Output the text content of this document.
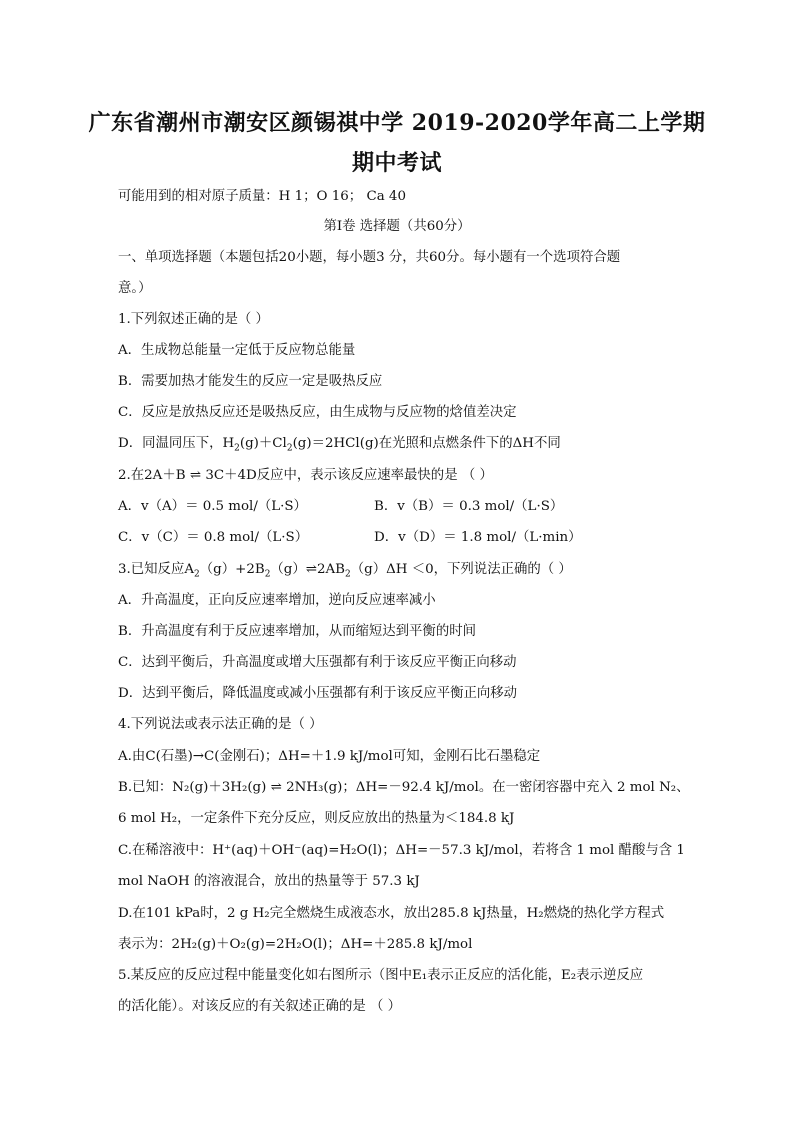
广东省潮州市潮安区颜锡祺中学 2019-2020学年高二上学期
期中考试
可能用到的相对原子质量：H 1；O 16； Ca 40
第Ⅰ卷 选择题（共60分）
一、单项选择题（本题包括20小题，每小题3 分，共60分。每小题有一个选项符合题
意。）
1.下列叙述正确的是（ ）
A．生成物总能量一定低于反应物总能量
B．需要加热才能发生的反应一定是吸热反应
C．反应是放热反应还是吸热反应，由生成物与反应物的焓值差决定
D．同温同压下，$H_2(g)+Cl_2(g)=2HCl(g)$在光照和点燃条件下的ΔH不同
2.在2A＋B ⇌ 3C＋4D反应中，表示该反应速率最快的是 （ ）
A．v（A）＝ 0.5 mol/（L·S）	B．v（B）＝ 0.3 mol/（L·S）
C．v（C）＝ 0.8 mol/（L·S）	D．v（D）＝ 1.8 mol/（L·min）
3.已知反应$A_2(g)+2B_2(g)\rightleftharpoons 2AB_2(g)\Delta H <0$，下列说法正确的（ ）
A．升高温度，正向反应速率增加，逆向反应速率减小
B．升高温度有利于反应速率增加，从而缩短达到平衡的时间
C．达到平衡后，升高温度或增大压强都有利于该反应平衡正向移动
D．达到平衡后，降低温度或减小压强都有利于该反应平衡正向移动
4.下列说法或表示法正确的是（ ）
A.由C(石墨)→C(金刚石)；ΔH=＋1.9 kJ/mol可知，金刚石比石墨稳定
B.已知：N₂(g)＋3H₂(g) ⇌ 2NH₃(g)；ΔH=－92.4 kJ/mol。在一密闭容器中充入 2 mol N₂、
6 mol H₂，一定条件下充分反应，则反应放出的热量为＜184.8 kJ
C.在稀溶液中：H⁺(aq)＋OH⁻(aq)=H₂O(l)；ΔH=－57.3 kJ/mol，若将含 1 mol 醋酸与含 1
mol NaOH 的溶液混合，放出的热量等于 57.3 kJ
D.在101 kPa时，2 g H₂完全燃烧生成液态水，放出285.8 kJ热量，H₂燃烧的热化学方程式
表示为：2H₂(g)＋O₂(g)=2H₂O(l)；ΔH=＋285.8 kJ/mol
5.某反应的反应过程中能量变化如右图所示（图中E₁表示正反应的活化能，E₂表示逆反应
的活化能）。对该反应的有关叙述正确的是 （ ）
